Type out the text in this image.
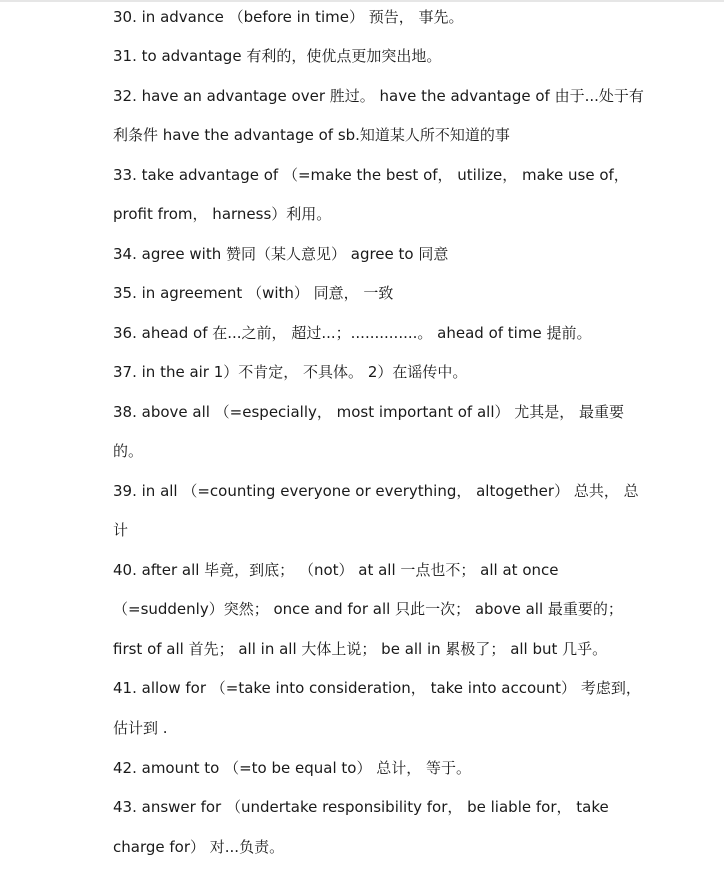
30. in advance （before in time） 预告， 事先。
31. to advantage 有利的，使优点更加突出地。
32. have an advantage over 胜过。 have the advantage of 由于...处于有
利条件 have the advantage of sb.知道某人所不知道的事
33. take advantage of （=make the best of， utilize， make use of，
profit from， harness）利用。
34. agree with 赞同（某人意见） agree to 同意
35. in agreement （with） 同意， 一致
36. ahead of 在...之前， 超过...；..............。 ahead of time 提前。
37. in the air 1）不肯定， 不具体。 2）在谣传中。
38. above all （=especially， most important of all） 尤其是， 最重要
的。
39. in all （=counting everyone or everything， altogether） 总共， 总
计
40. after all 毕竟，到底； （not） at all 一点也不； all at once
（=suddenly）突然； once and for all 只此一次； above all 最重要的；
first of all 首先； all in all 大体上说； be all in 累极了； all but 几乎。
41. allow for （=take into consideration， take into account） 考虑到，
估计到 .
42. amount to （=to be equal to） 总计， 等于。
43. answer for （undertake responsibility for， be liable for， take
charge for） 对...负责。
